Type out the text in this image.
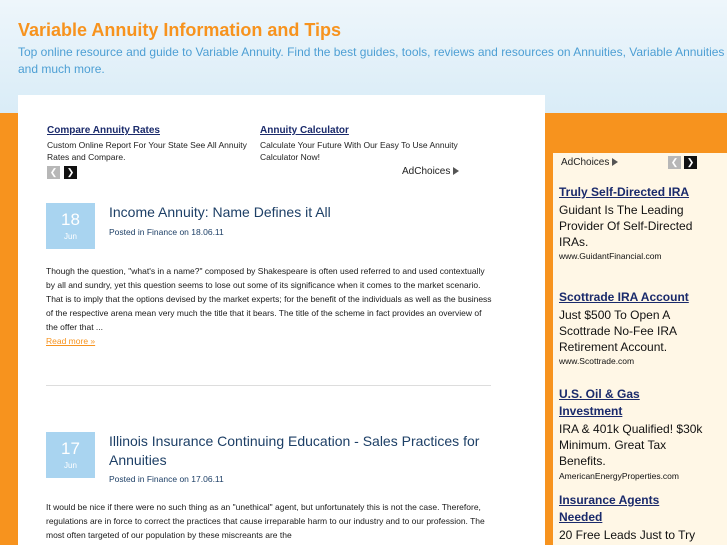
Variable Annuity Information and Tips
Top online resource and guide to Variable Annuity. Find the best guides, tools, reviews and resources on Annuities, Variable Annuities and much more.
Compare Annuity Rates
Custom Online Report For Your State See All Annuity Rates and Compare.
Annuity Calculator
Calculate Your Future With Our Easy To Use Annuity Calculator Now!
❮	❯	AdChoices
18
Jun
Income Annuity: Name Defines it All
Posted in Finance on 18.06.11
Though the question, "what's in a name?" composed by Shakespeare is often used referred to and used contextually by all and sundry, yet this question seems to lose out some of its significance when it comes to the market scenario. That is to imply that the options devised by the market experts; for the benefit of the individuals as well as the business of the respective arena mean very much the title that it bears. The title of the scheme in fact provides an overview of the offer that ...
Read more »
17
Jun
Illinois Insurance Continuing Education - Sales Practices for Annuities
Posted in Finance on 17.06.11
It would be nice if there were no such thing as an "unethical" agent, but unfortunately this is not the case. Therefore, regulations are in force to correct the practices that cause irreparable harm to our industry and to our profession. The most often targeted of our population by these miscreants are the
AdChoices	❮ ❯
Truly Self-Directed IRA
Guidant Is The Leading Provider Of Self-Directed IRAs.
www.GuidantFinancial.com
Scottrade IRA Account
Just $500 To Open A Scottrade No-Fee IRA Retirement Account.
www.Scottrade.com
U.S. Oil & Gas Investment
IRA & 401k Qualified! $30k Minimum. Great Tax Benefits.
AmericanEnergyProperties.com
Insurance Agents Needed
20 Free Leads Just to Try
